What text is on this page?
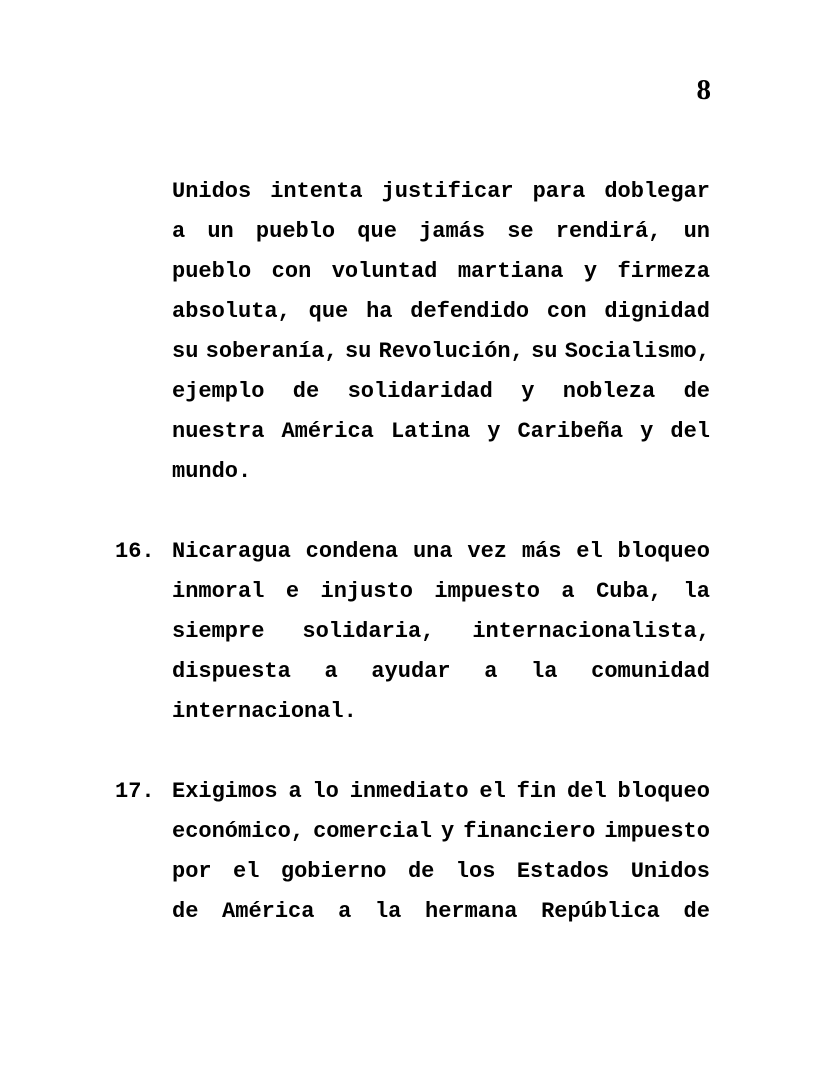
8
Unidos intenta justificar para doblegar
a un pueblo que jamás se rendirá, un
pueblo con voluntad martiana y firmeza
absoluta, que ha defendido con dignidad
su soberanía, su Revolución, su Socialismo,
ejemplo de solidaridad y nobleza de
nuestra América Latina y Caribeña y del
mundo.
16. Nicaragua condena una vez más el bloqueo
inmoral e injusto impuesto a Cuba, la
siempre solidaria, internacionalista,
dispuesta a ayudar a la comunidad
internacional.
17. Exigimos a lo inmediato el fin del bloqueo
económico, comercial y financiero impuesto
por el gobierno de los Estados Unidos
de América a la hermana República de
